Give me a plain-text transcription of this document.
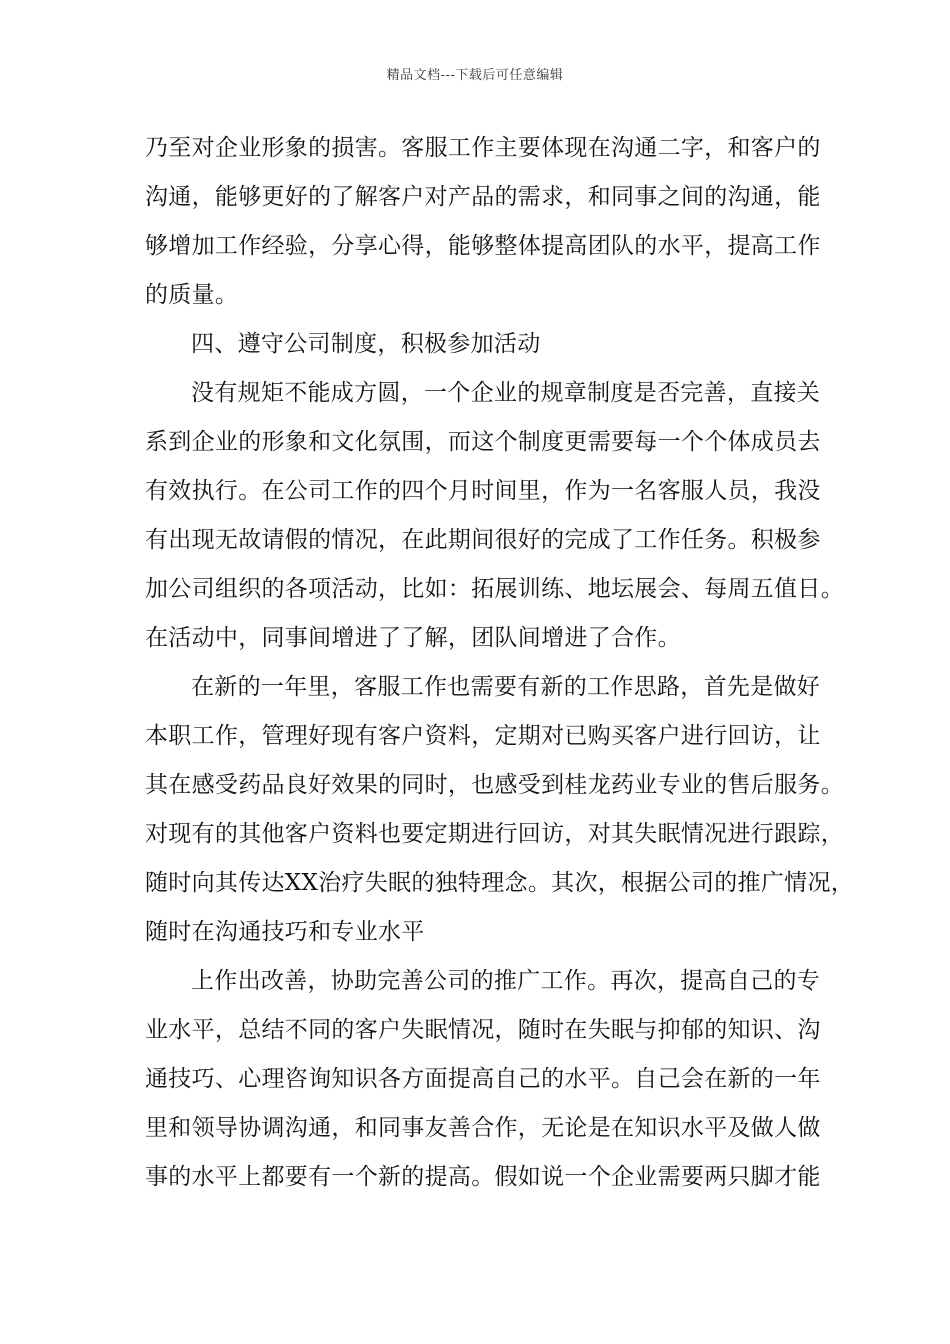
精品文档---下载后可任意编辑
乃至对企业形象的损害。客服工作主要体现在沟通二字，和客户的
沟通，能够更好的了解客户对产品的需求，和同事之间的沟通，能
够增加工作经验，分享心得，能够整体提高团队的水平，提高工作
的质量。
四、遵守公司制度，积极参加活动
没有规矩不能成方圆，一个企业的规章制度是否完善，直接关
系到企业的形象和文化氛围，而这个制度更需要每一个个体成员去
有效执行。在公司工作的四个月时间里，作为一名客服人员，我没
有出现无故请假的情况，在此期间很好的完成了工作任务。积极参
加公司组织的各项活动，比如：拓展训练、地坛展会、每周五值日。
在活动中，同事间增进了了解，团队间增进了合作。
在新的一年里，客服工作也需要有新的工作思路，首先是做好
本职工作，管理好现有客户资料，定期对已购买客户进行回访，让
其在感受药品良好效果的同时，也感受到桂龙药业专业的售后服务。
对现有的其他客户资料也要定期进行回访，对其失眠情况进行跟踪，
随时向其传达XX治疗失眠的独特理念。其次，根据公司的推广情况，
随时在沟通技巧和专业水平
上作出改善，协助完善公司的推广工作。再次，提高自己的专
业水平，总结不同的客户失眠情况，随时在失眠与抑郁的知识、沟
通技巧、心理咨询知识各方面提高自己的水平。自己会在新的一年
里和领导协调沟通，和同事友善合作，无论是在知识水平及做人做
事的水平上都要有一个新的提高。假如说一个企业需要两只脚才能
